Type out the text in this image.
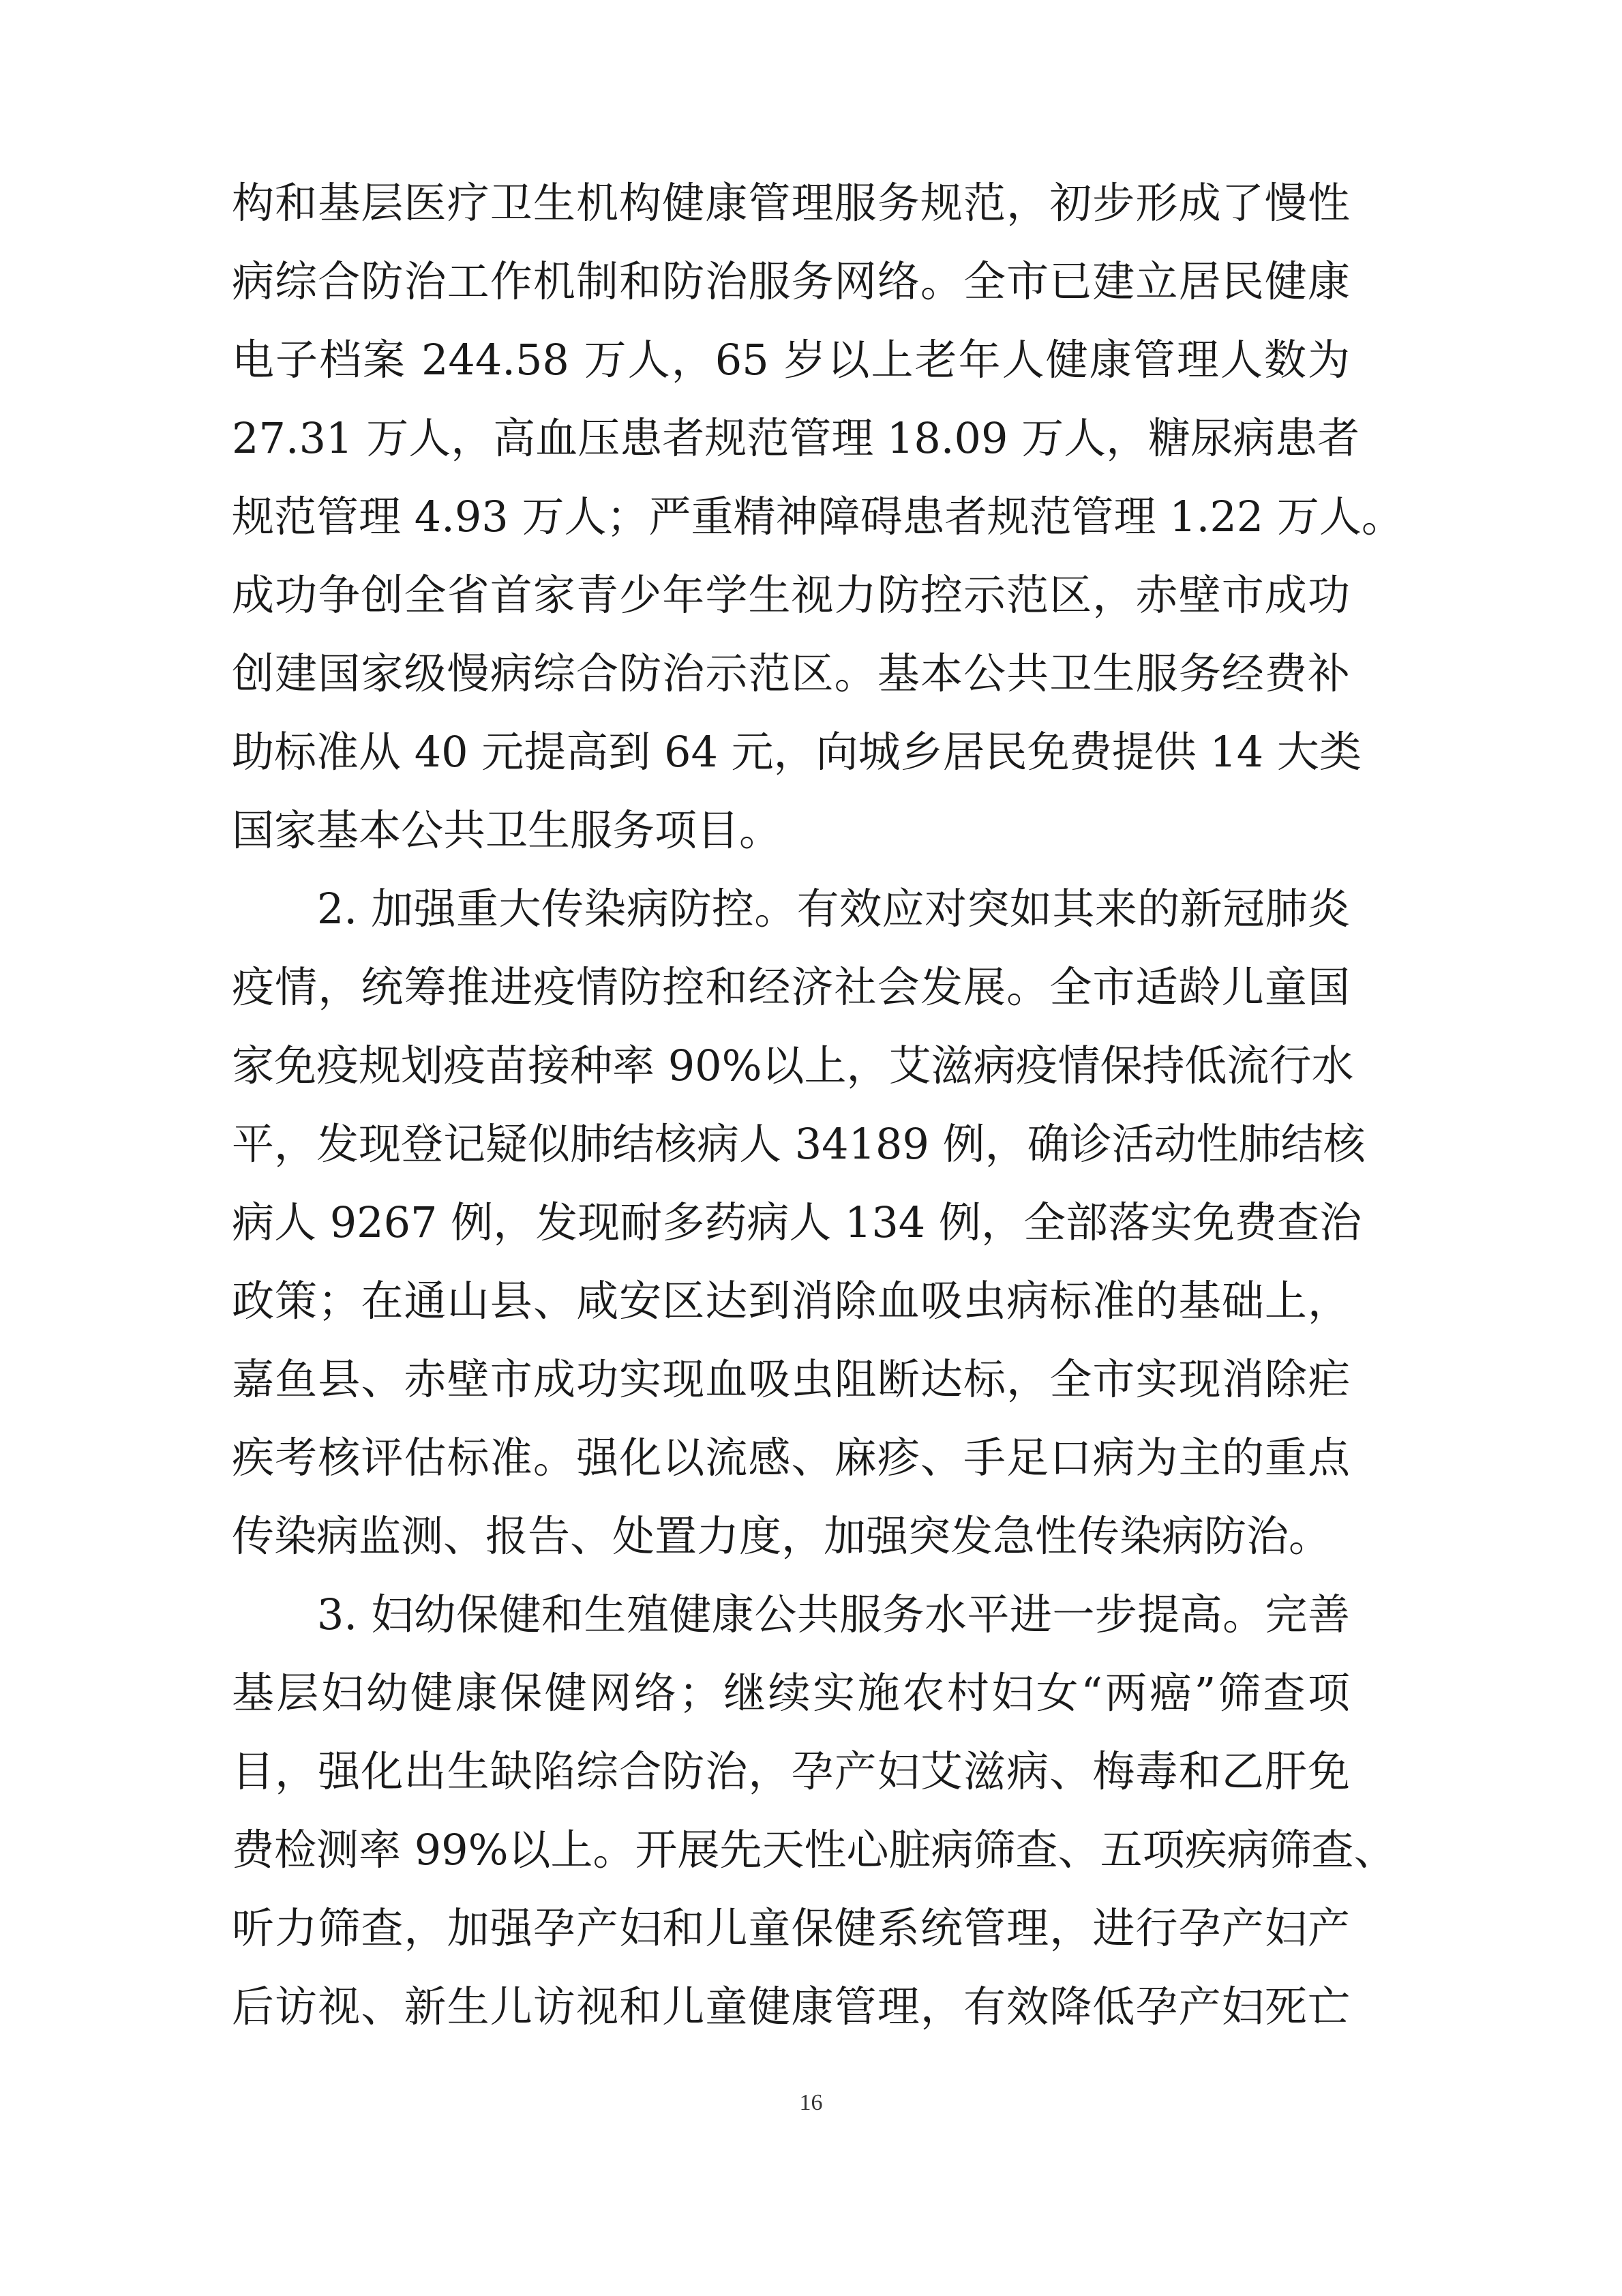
构和基层医疗卫生机构健康管理服务规范，初步形成了慢性
病综合防治工作机制和防治服务网络。全市已建立居民健康
电子档案 244.58 万人，65 岁以上老年人健康管理人数为
27.31 万人，高血压患者规范管理 18.09 万人，糖尿病患者
规范管理 4.93 万人；严重精神障碍患者规范管理 1.22 万人。
成功争创全省首家青少年学生视力防控示范区，赤壁市成功
创建国家级慢病综合防治示范区。基本公共卫生服务经费补
助标准从 40 元提高到 64 元，向城乡居民免费提供 14 大类
国家基本公共卫生服务项目。
　　2. 加强重大传染病防控。有效应对突如其来的新冠肺炎
疫情，统筹推进疫情防控和经济社会发展。全市适龄儿童国
家免疫规划疫苗接种率 90%以上，艾滋病疫情保持低流行水
平，发现登记疑似肺结核病人 34189 例，确诊活动性肺结核
病人 9267 例，发现耐多药病人 134 例，全部落实免费查治
政策；在通山县、咸安区达到消除血吸虫病标准的基础上，
嘉鱼县、赤壁市成功实现血吸虫阻断达标，全市实现消除疟
疾考核评估标准。强化以流感、麻疹、手足口病为主的重点
传染病监测、报告、处置力度，加强突发急性传染病防治。
　　3. 妇幼保健和生殖健康公共服务水平进一步提高。完善
基层妇幼健康保健网络；继续实施农村妇女“两癌”筛查项
目，强化出生缺陷综合防治，孕产妇艾滋病、梅毒和乙肝免
费检测率 99%以上。开展先天性心脏病筛查、五项疾病筛查、
听力筛查，加强孕产妇和儿童保健系统管理，进行孕产妇产
后访视、新生儿访视和儿童健康管理，有效降低孕产妇死亡
16
